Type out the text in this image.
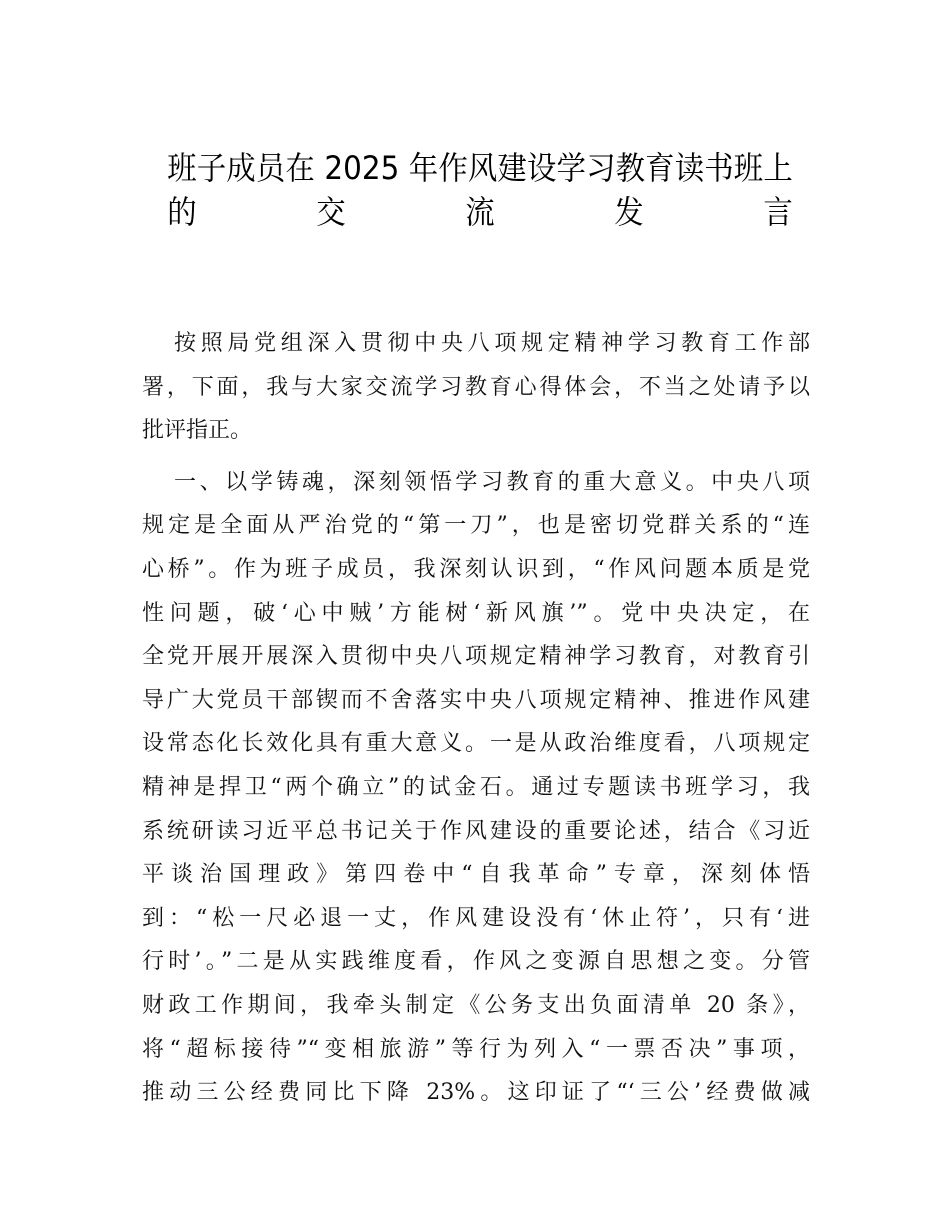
班子成员在 2025 年作风建设学习教育读书班上
的交流发言
按照局党组深入贯彻中央八项规定精神学习教育工作部
署，下面，我与大家交流学习教育心得体会，不当之处请予以
批评指正。
一、以学铸魂，深刻领悟学习教育的重大意义。中央八项
规定是全面从严治党的“第一刀”，也是密切党群关系的“连
心桥”。作为班子成员，我深刻认识到，“作风问题本质是党
性问题，破‘心中贼’方能树‘新风旗’”。党中央决定，在
全党开展开展深入贯彻中央八项规定精神学习教育，对教育引
导广大党员干部锲而不舍落实中央八项规定精神、推进作风建
设常态化长效化具有重大意义。一是从政治维度看，八项规定
精神是捍卫“两个确立”的试金石。通过专题读书班学习，我
系统研读习近平总书记关于作风建设的重要论述，结合《习近
平谈治国理政》第四卷中“自我革命”专章，深刻体悟
到：“松一尺必退一丈，作风建设没有‘休止符’，只有‘进
行时’。”二是从实践维度看，作风之变源自思想之变。分管
财政工作期间，我牵头制定《公务支出负面清单 20 条》，
将“超标接待”“变相旅游”等行为列入“一票否决”事项，
推动三公经费同比下降 23%。这印证了“‘三公’经费做减
